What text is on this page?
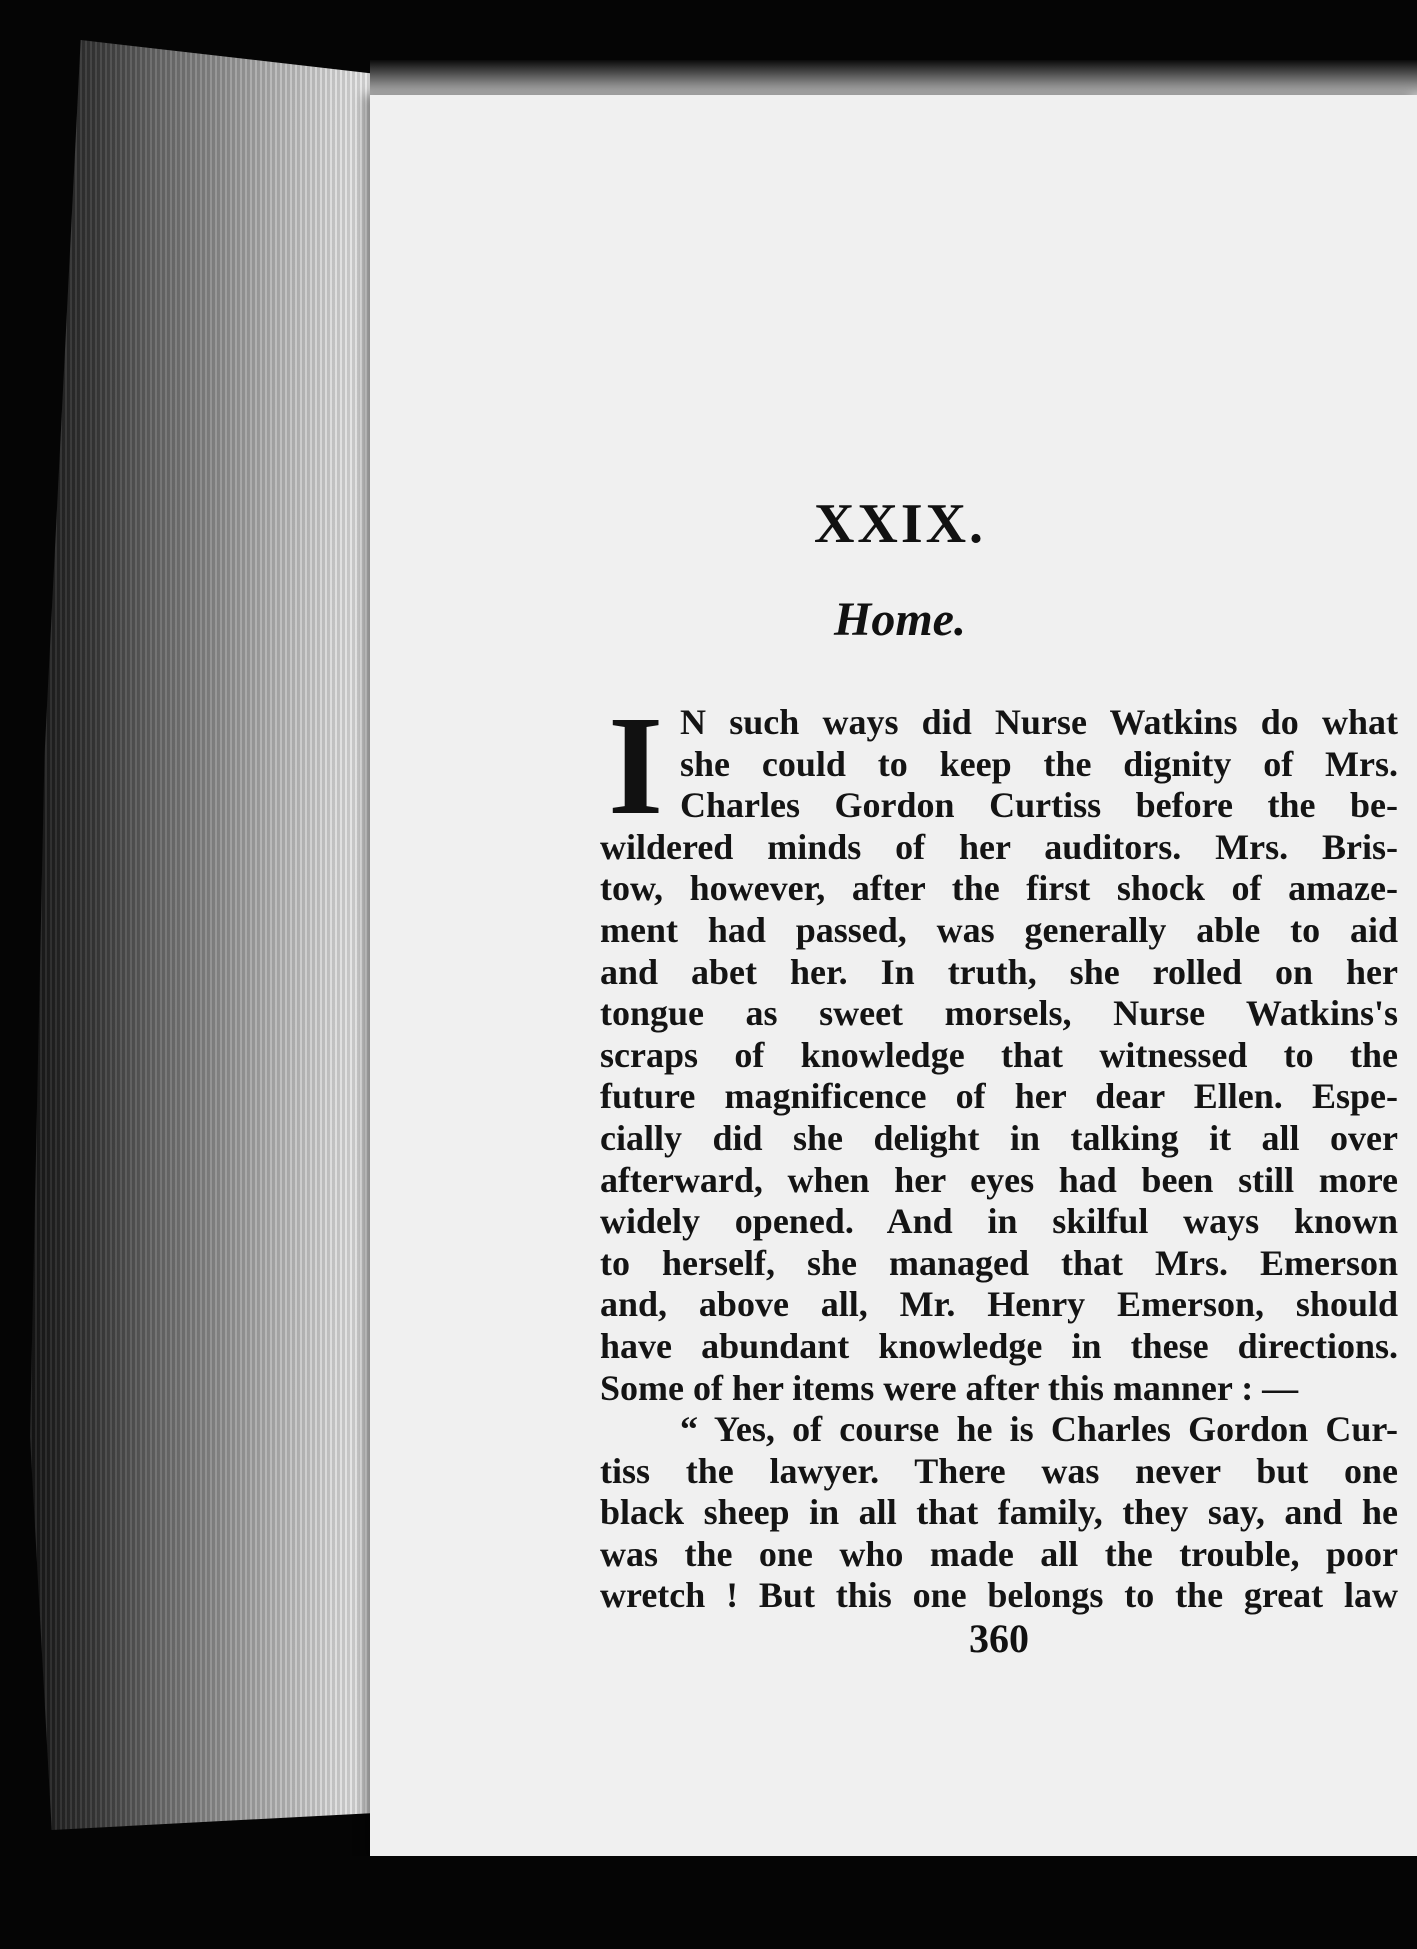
XXIX.
Home.
I N such ways did Nurse Watkins do what
she could to keep the dignity of Mrs.
Charles Gordon Curtiss before the be-
wildered minds of her auditors. Mrs. Bris-
tow, however, after the first shock of amaze-
ment had passed, was generally able to aid
and abet her. In truth, she rolled on her
tongue as sweet morsels, Nurse Watkins's
scraps of knowledge that witnessed to the
future magnificence of her dear Ellen. Espe-
cially did she delight in talking it all over
afterward, when her eyes had been still more
widely opened. And in skilful ways known
to herself, she managed that Mrs. Emerson
and, above all, Mr. Henry Emerson, should
have abundant knowledge in these directions.
Some of her items were after this manner : —
“ Yes, of course he is Charles Gordon Cur-
tiss the lawyer. There was never but one
black sheep in all that family, they say, and he
was the one who made all the trouble, poor
wretch ! But this one belongs to the great law
360
